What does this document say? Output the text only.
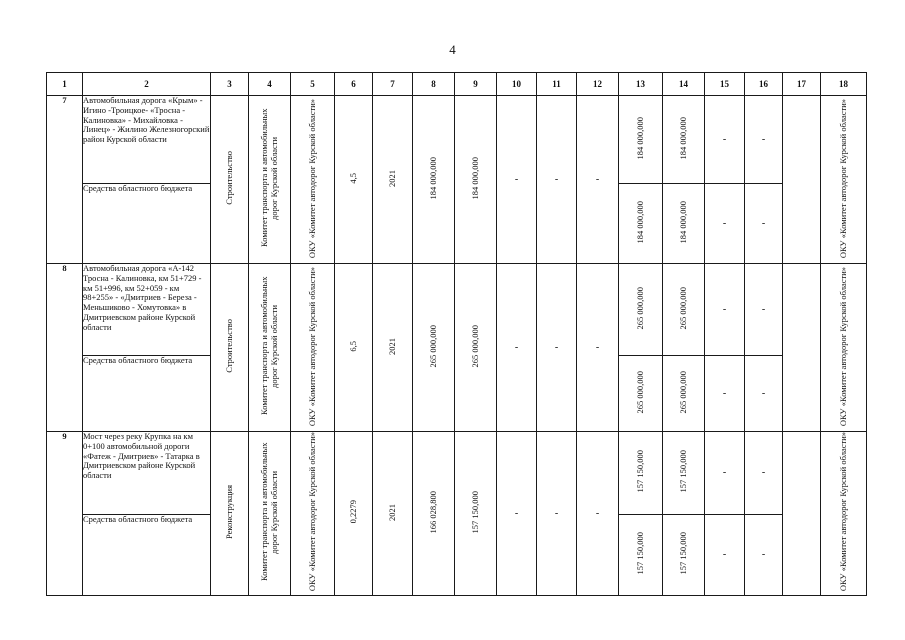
4
1	2	3	4	5	6	7	8	9	10	11	12	13	14	15	16	17	18
7	Автомобильная дорога «Крым» - Игино -Троицкое- «Тросна - Калиновка» - Михайловка - Линец» - Жилино Железногорский район Курской области	Строительство	Комитет транспорта и автомобильных дорог Курской области	ОКУ «Комитет автодорог Курской области»	4,5	2021	184 000,000	184 000,000	-	-	-	184 000,000	184 000,000	-	-		ОКУ «Комитет автодорог Курской области»
	Средства областного бюджета											184 000,000	184 000,000	-	-		
8	Автомобильная дорога «А-142 Тросна - Калиновка, км 51+729 - км 51+996, км 52+059 - км 98+255» - «Дмитриев - Береза - Меньшиково - Хомутовка» в Дмитриевском районе Курской области	Строительство	Комитет транспорта и автомобильных дорог Курской области	ОКУ «Комитет автодорог Курской области»	6,5	2021	265 000,000	265 000,000	-	-	-	265 000,000	265 000,000	-	-		ОКУ «Комитет автодорог Курской области»
	Средства областного бюджета											265 000,000	265 000,000	-	-		
9	Мост через реку Крупка на км 0+100 автомобильной дороги «Фатеж - Дмитриев» - Татарка в Дмитриевском районе Курской области	Реконструкция	Комитет транспорта и автомобильных дорог Курской области	ОКУ «Комитет автодорог Курской области»	0,2279	2021	166 028,800	157 150,000	-	-	-	157 150,000	157 150,000	-	-		ОКУ «Комитет автодорог Курской области»
	Средства областного бюджета											157 150,000	157 150,000	-	-		
